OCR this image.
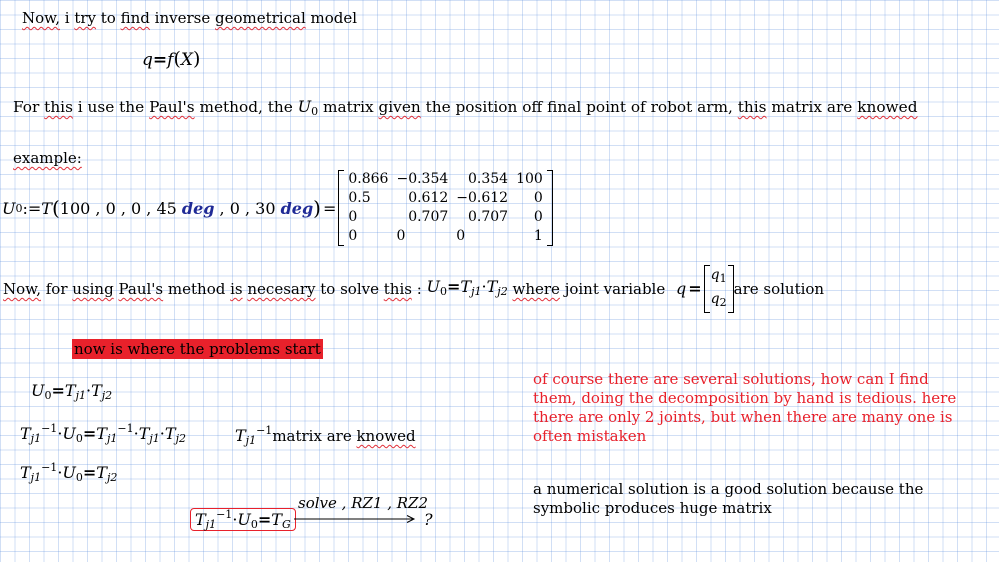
Now, i try to find inverse geometrical model
q=f(X)
For this i use the Paul's method, the $U_0$ matrix given the position off final point of robot arm, this matrix are knowed
example:
U 0 := T ( 100 , 0 , 0 , 45 deg , 0 , 30 deg ) =
0.866	−0.354	0.354	100
0.5	0.612	−0.612	0
0	0.707	0.707	0
0	0	0	1
Now, for using
Paul's method is
necesary to solve this : $U_0=T_{j1}\cdot T_{j2}$
where joint variable q =
$q_1$
$q_2$
are solution
now is where the problems start
$U_0=T_{j1}\cdot T_{j2}$
$T_{j1}^{-1}\cdot U_0=T_{j1}^{-1}\cdot T_{j1}\cdot T_{j2}$	$T_{j1}^{-1}matrix$ are knowed
$T_{j1}^{-1}\cdot U_0=T_{j2}$
$T_{j1}^{-1}\cdot U_0=T_G$
solve , RZ1 , RZ2
?
of course there are several solutions, how can I find them, doing the decomposition by hand is tedious. here there are only 2 joints, but when there are many one is often mistaken
a numerical solution is a good solution because the symbolic produces huge matrix
